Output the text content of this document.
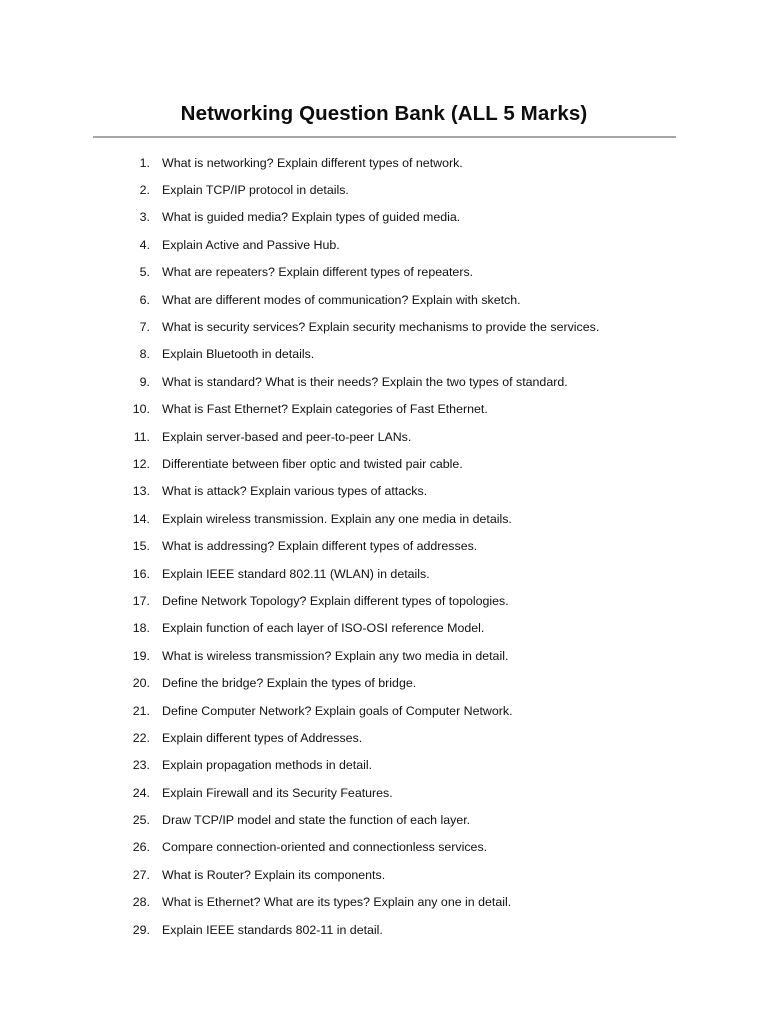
Networking Question Bank (ALL 5 Marks)
1. What is networking? Explain different types of network.
2. Explain TCP/IP protocol in details.
3. What is guided media? Explain types of guided media.
4. Explain Active and Passive Hub.
5. What are repeaters? Explain different types of repeaters.
6. What are different modes of communication? Explain with sketch.
7. What is security services? Explain security mechanisms to provide the services.
8. Explain Bluetooth in details.
9. What is standard? What is their needs? Explain the two types of standard.
10. What is Fast Ethernet? Explain categories of Fast Ethernet.
11. Explain server-based and peer-to-peer LANs.
12. Differentiate between fiber optic and twisted pair cable.
13. What is attack? Explain various types of attacks.
14. Explain wireless transmission. Explain any one media in details.
15. What is addressing? Explain different types of addresses.
16. Explain IEEE standard 802.11 (WLAN) in details.
17. Define Network Topology? Explain different types of topologies.
18. Explain function of each layer of ISO-OSI reference Model.
19. What is wireless transmission? Explain any two media in detail.
20. Define the bridge? Explain the types of bridge.
21. Define Computer Network? Explain goals of Computer Network.
22. Explain different types of Addresses.
23. Explain propagation methods in detail.
24. Explain Firewall and its Security Features.
25. Draw TCP/IP model and state the function of each layer.
26. Compare connection-oriented and connectionless services.
27. What is Router? Explain its components.
28. What is Ethernet? What are its types? Explain any one in detail.
29. Explain IEEE standards 802-11 in detail.
